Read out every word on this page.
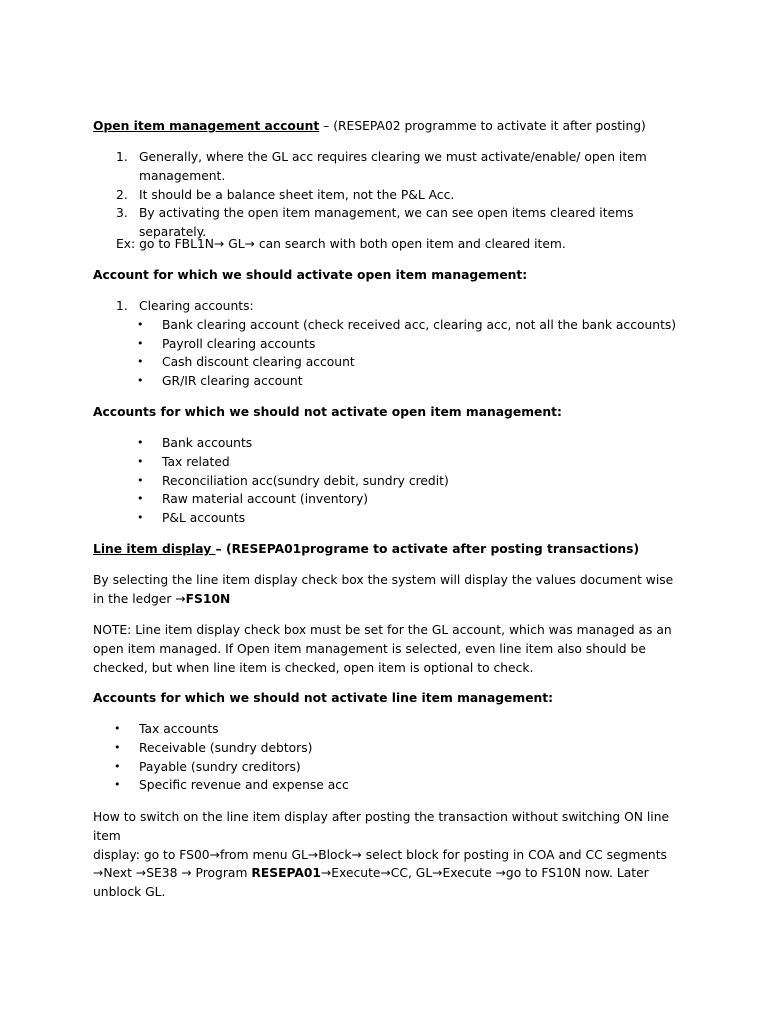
Open item management account – (RESEPA02 programme to activate it after posting)

1. Generally, where the GL acc requires clearing we must activate/enable/ open item management.
2. It should be a balance sheet item, not the P&L Acc.
3. By activating the open item management, we can see open items cleared items separately.

Ex: go to FBL1N→ GL→ can search with both open item and cleared item.

Account for which we should activate open item management:

1. Clearing accounts:
•	Bank clearing account (check received acc, clearing acc, not all the bank accounts)
•	Payroll clearing accounts
•	Cash discount clearing account
•	GR/IR clearing account

Accounts for which we should not activate open item management:

•	Bank accounts
•	Tax related
•	Reconciliation acc(sundry debit, sundry credit)
•	Raw material account (inventory)
•	P&L accounts

Line item display – (RESEPA01programe to activate after posting transactions)

By selecting the line item display check box the system will display the values document wise in the ledger →FS10N

NOTE: Line item display check box must be set for the GL account, which was managed as an open item managed. If Open item management is selected, even line item also should be checked, but when line item is checked, open item is optional to check.

Accounts for which we should not activate line item management:

•	Tax accounts
•	Receivable (sundry debtors)
•	Payable (sundry creditors)
•	Specific revenue and expense acc
How to switch on the line item display after posting the transaction without switching ON line item
display: go to FS00→from menu GL→Block→ select block for posting in COA and CC segments
→Next →SE38 → Program RESEPA01→Execute→CC, GL→Execute →go to FS10N now. Later
unblock GL.
